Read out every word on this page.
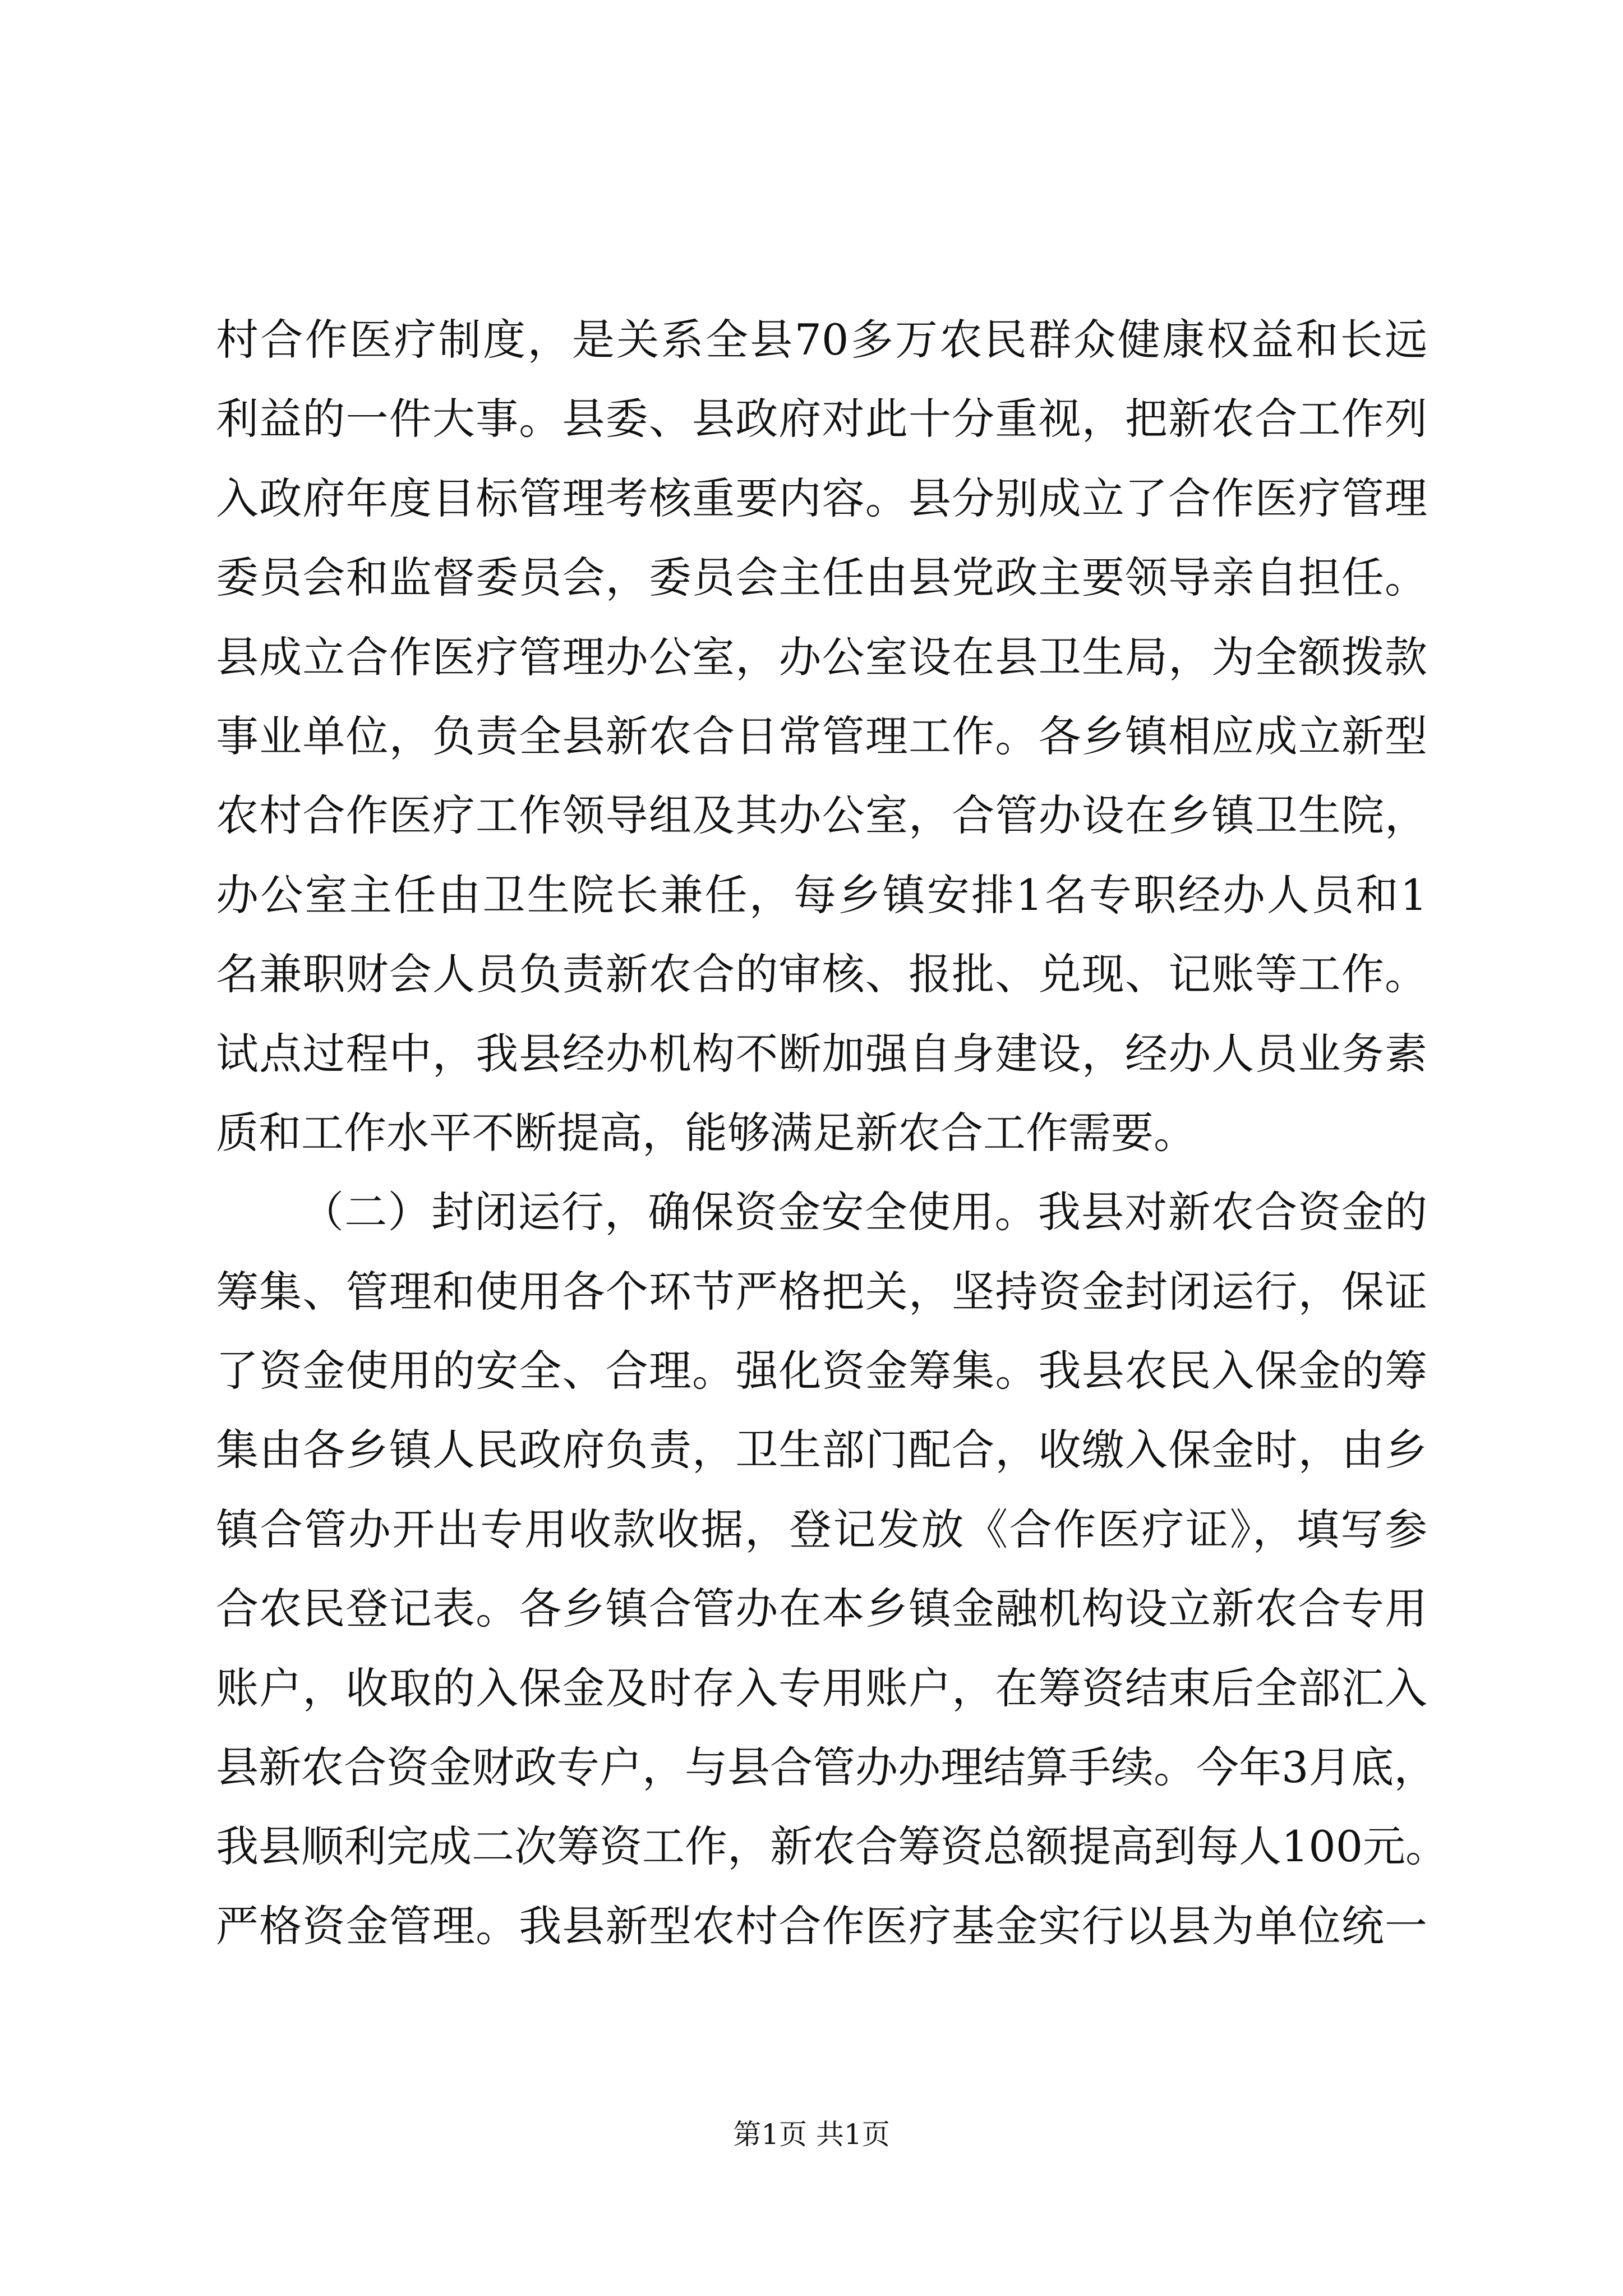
村合作医疗制度，是关系全县70多万农民群众健康权益和长远
利益的一件大事。县委、县政府对此十分重视，把新农合工作列
入政府年度目标管理考核重要内容。县分别成立了合作医疗管理
委员会和监督委员会，委员会主任由县党政主要领导亲自担任。
县成立合作医疗管理办公室，办公室设在县卫生局，为全额拨款
事业单位，负责全县新农合日常管理工作。各乡镇相应成立新型
农村合作医疗工作领导组及其办公室，合管办设在乡镇卫生院，
办公室主任由卫生院长兼任，每乡镇安排1名专职经办人员和1
名兼职财会人员负责新农合的审核、报批、兑现、记账等工作。
试点过程中，我县经办机构不断加强自身建设，经办人员业务素
质和工作水平不断提高，能够满足新农合工作需要。
（二）封闭运行，确保资金安全使用。我县对新农合资金的
筹集、管理和使用各个环节严格把关，坚持资金封闭运行，保证
了资金使用的安全、合理。强化资金筹集。我县农民入保金的筹
集由各乡镇人民政府负责，卫生部门配合，收缴入保金时，由乡
镇合管办开出专用收款收据，登记发放《合作医疗证》，填写参
合农民登记表。各乡镇合管办在本乡镇金融机构设立新农合专用
账户，收取的入保金及时存入专用账户，在筹资结束后全部汇入
县新农合资金财政专户，与县合管办办理结算手续。今年3月底，
我县顺利完成二次筹资工作，新农合筹资总额提高到每人100元。
严格资金管理。我县新型农村合作医疗基金实行以县为单位统一
第1页 共1页
